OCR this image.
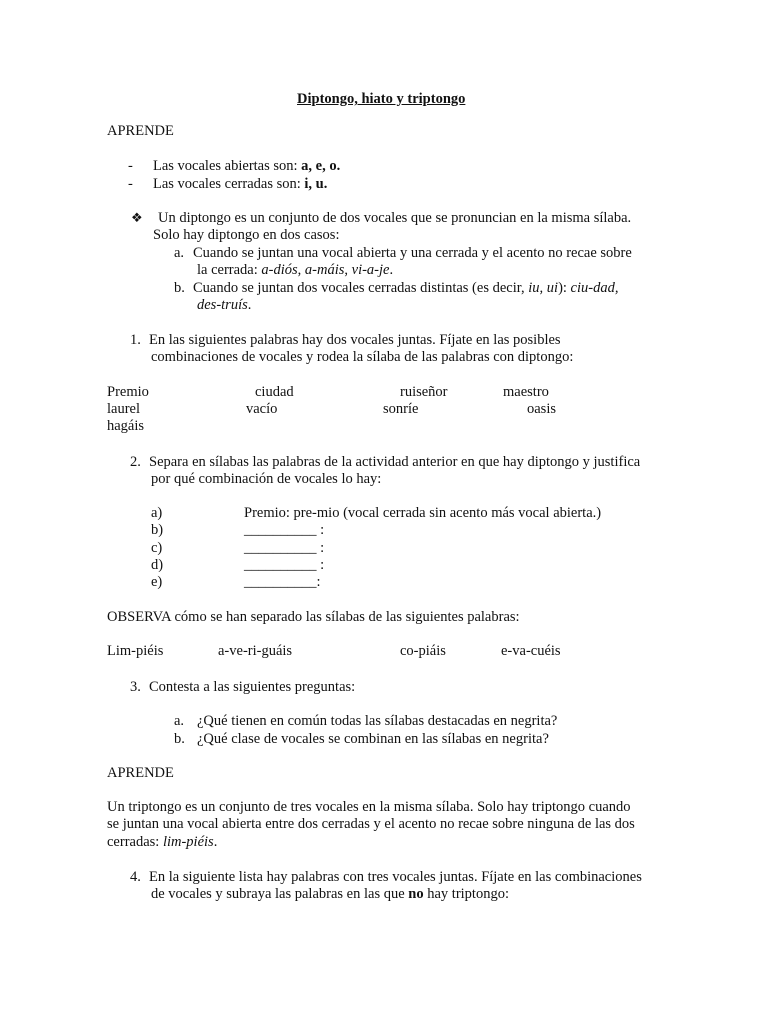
Diptongo, hiato y triptongo
APRENDE
- Las vocales abiertas son: a, e, o.
- Las vocales cerradas son: i, u.
❖ Un diptongo es un conjunto de dos vocales que se pronuncian en la misma sílaba.
Solo hay diptongo en dos casos:
a. Cuando se juntan una vocal abierta y una cerrada y el acento no recae sobre
la cerrada: a-diós, a-máis, vi-a-je.
b. Cuando se juntan dos vocales cerradas distintas (es decir, iu, ui): ciu-dad,
des-truís.
1. En las siguientes palabras hay dos vocales juntas. Fíjate en las posibles
combinaciones de vocales y rodea la sílaba de las palabras con diptongo:
Premio	ciudad	ruiseñor	maestro
laurel	vacío	sonríe	oasis
hagáis
2. Separa en sílabas las palabras de la actividad anterior en que hay diptongo y justifica
por qué combinación de vocales lo hay:
a)	Premio: pre-mio (vocal cerrada sin acento más vocal abierta.)
b)	__________ :
c)	__________ :
d)	__________ :
e)	__________:
OBSERVA cómo se han separado las sílabas de las siguientes palabras:
Lim-piéis	a-ve-ri-guáis	co-piáis	e-va-cuéis
3. Contesta a las siguientes preguntas:
a. ¿Qué tienen en común todas las sílabas destacadas en negrita?
b. ¿Qué clase de vocales se combinan en las sílabas en negrita?
APRENDE
Un triptongo es un conjunto de tres vocales en la misma sílaba. Solo hay triptongo cuando
se juntan una vocal abierta entre dos cerradas y el acento no recae sobre ninguna de las dos
cerradas: lim-piéis.
4. En la siguiente lista hay palabras con tres vocales juntas. Fíjate en las combinaciones
de vocales y subraya las palabras en las que no hay triptongo:
